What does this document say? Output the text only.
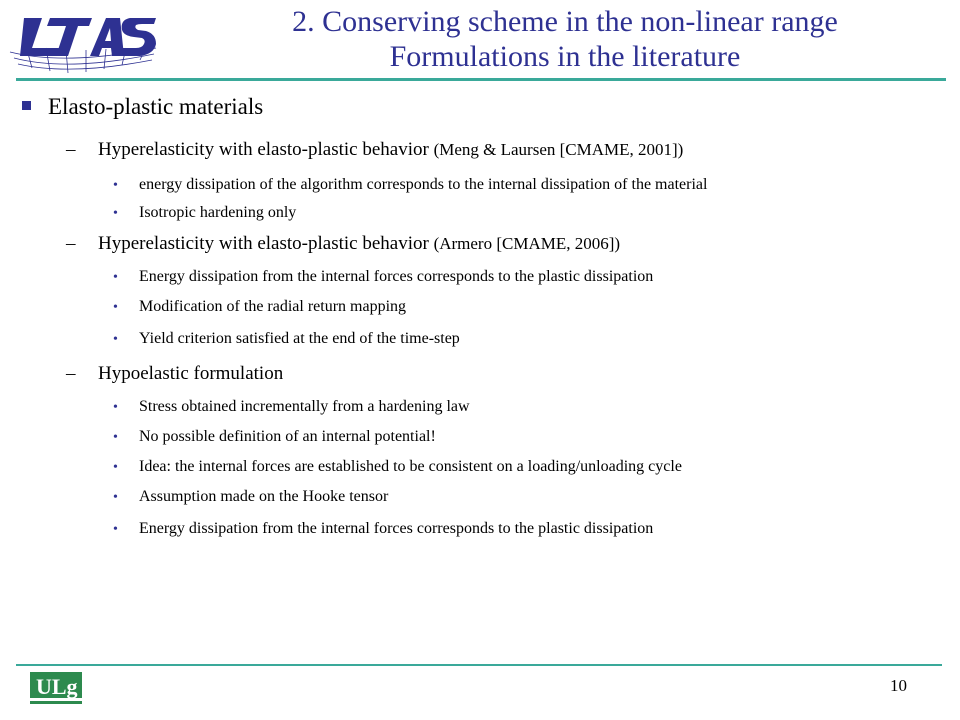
2. Conserving scheme in the non-linear range
Formulations in the literature
Elasto-plastic materials
– Hyperelasticity with elasto-plastic behavior (Meng & Laursen [CMAME, 2001])
• energy dissipation of the algorithm corresponds to the internal dissipation of the material
• Isotropic hardening only
– Hyperelasticity with elasto-plastic behavior (Armero [CMAME, 2006])
• Energy dissipation from the internal forces corresponds to the plastic dissipation
• Modification of the radial return mapping
• Yield criterion satisfied at the end of the time-step
– Hypoelastic formulation
• Stress obtained incrementally from a hardening law
• No possible definition of an internal potential!
• Idea: the internal forces are established to be consistent on a loading/unloading cycle
• Assumption made on the Hooke tensor
• Energy dissipation from the internal forces corresponds to the plastic dissipation
ULg	10
